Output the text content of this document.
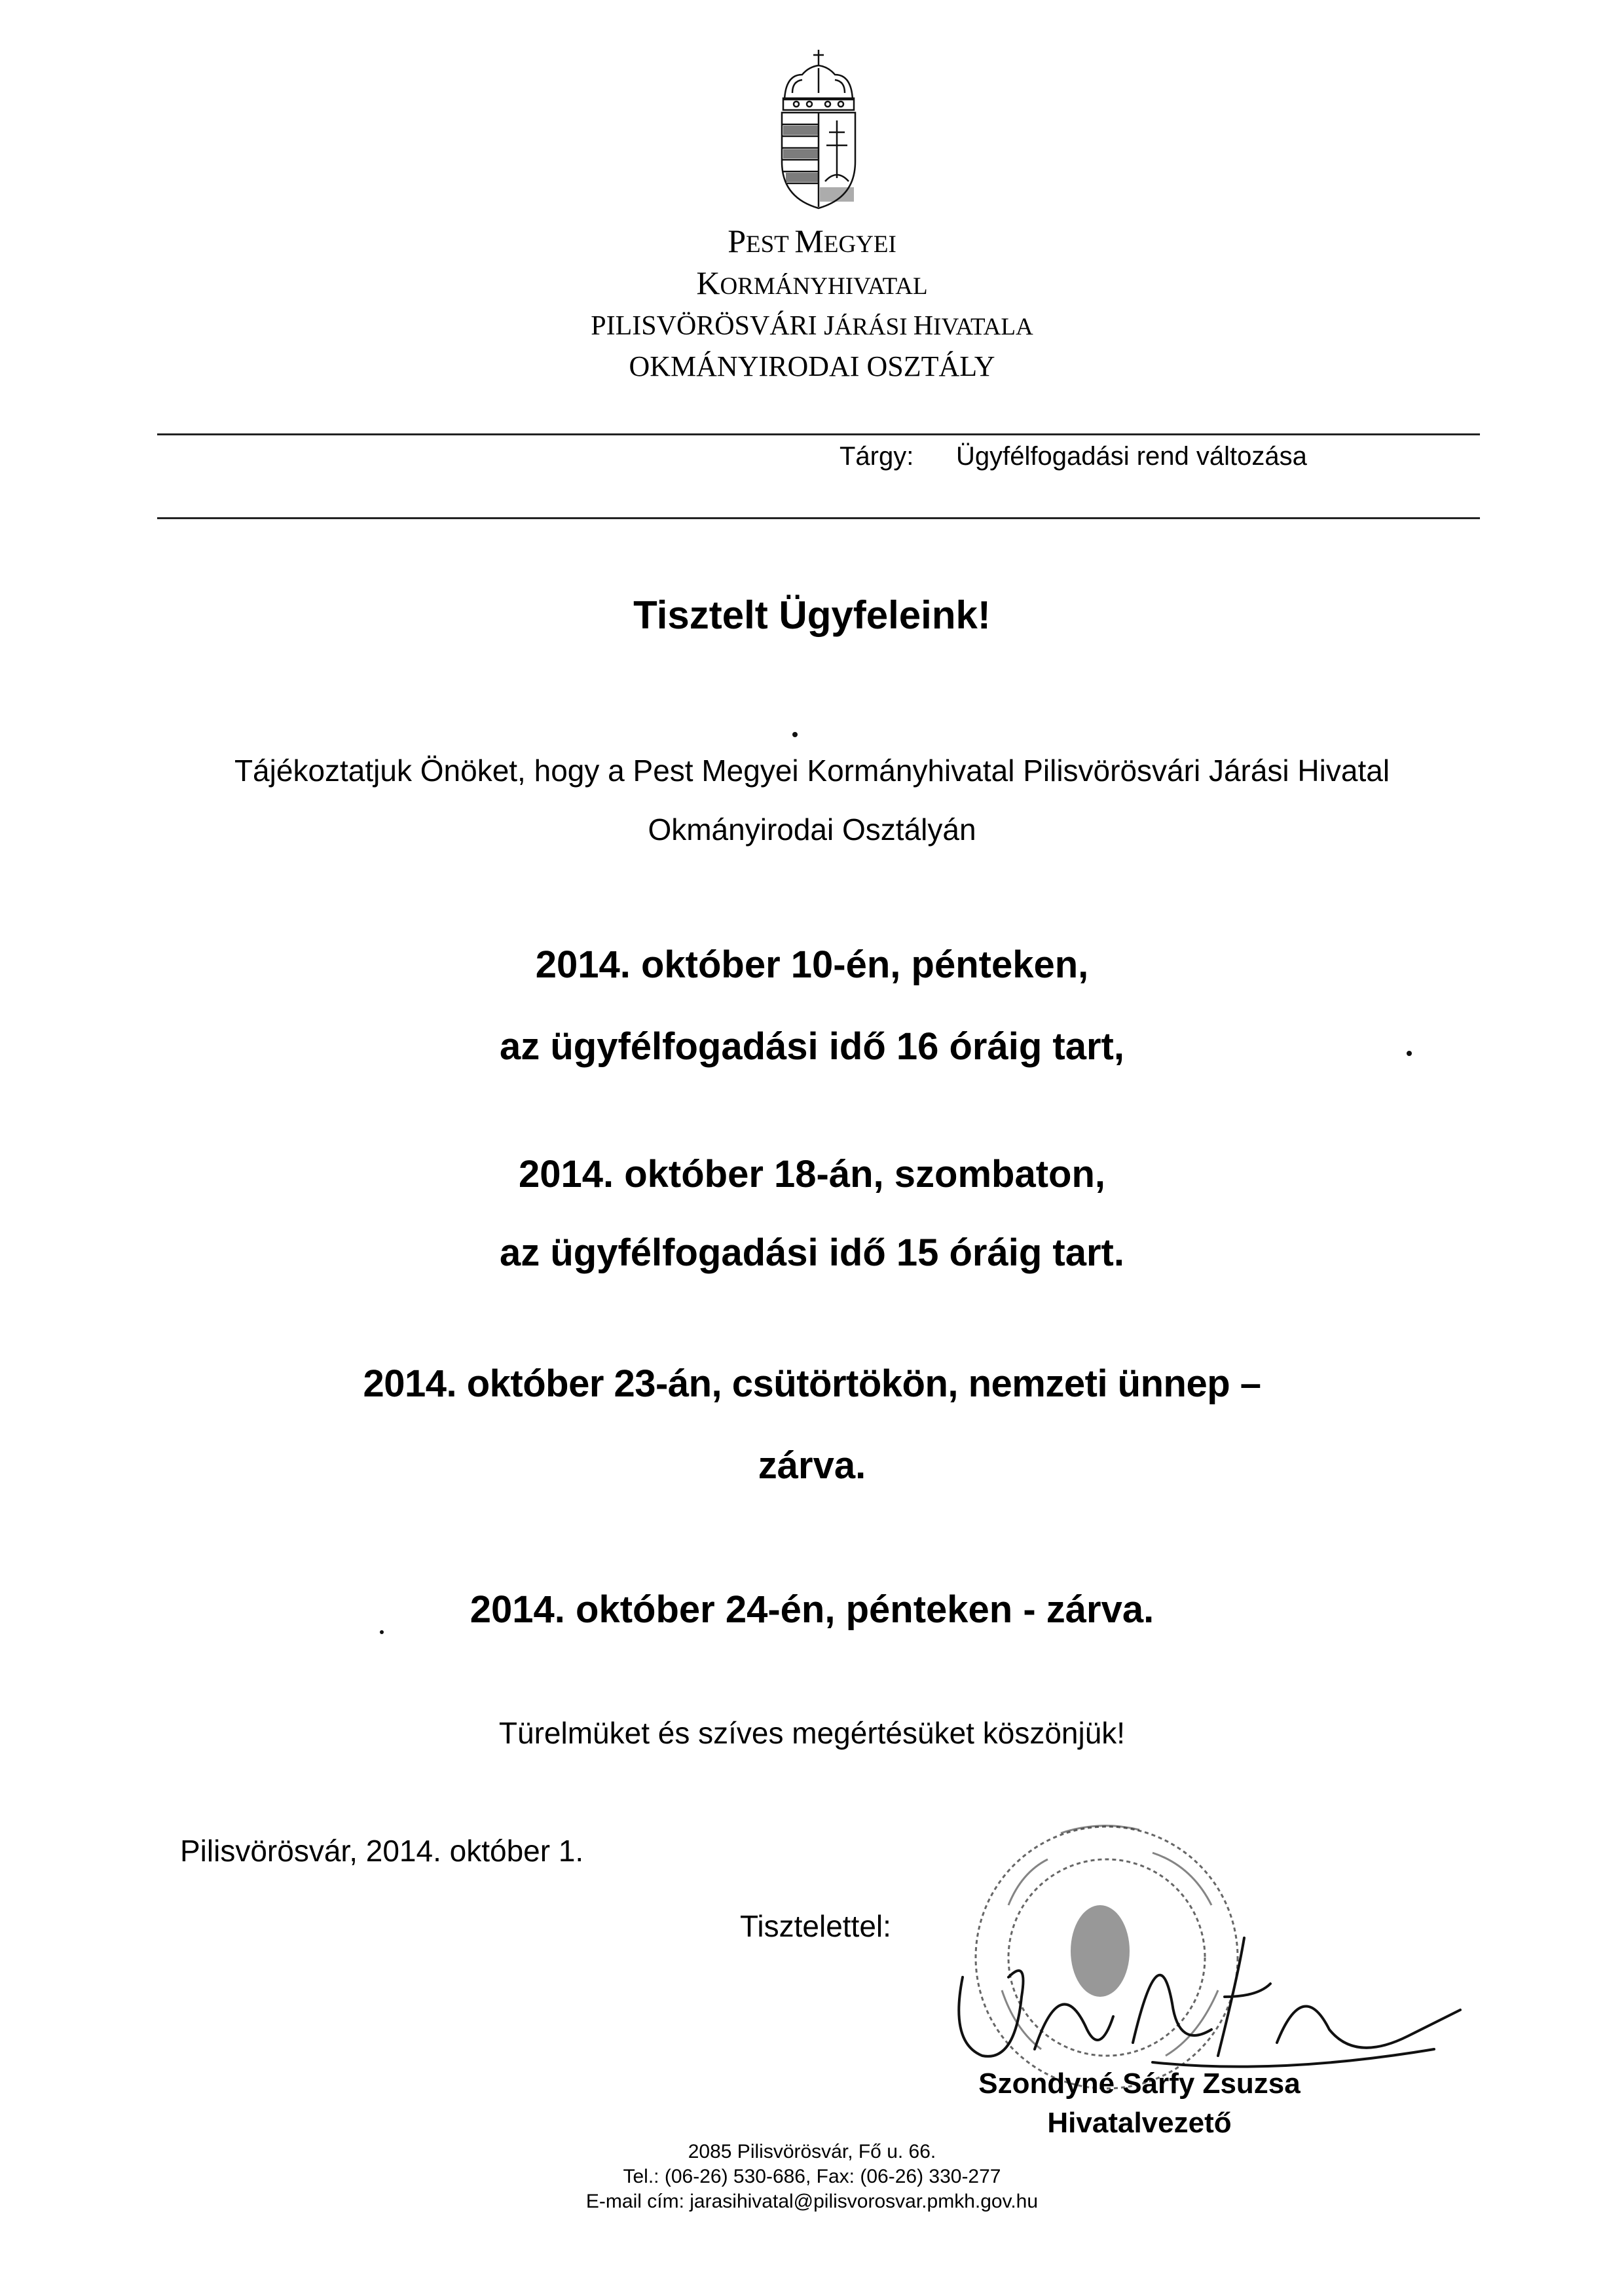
PEST MEGYEI
KORMÁNYHIVATAL
PILISVÖRÖSVÁRI JÁRÁSI HIVATALA
OKMÁNYIRODAI OSZTÁLY
Tárgy: Ügyfélfogadási rend változása
Tisztelt Ügyfeleink!
Tájékoztatjuk Önöket, hogy a Pest Megyei Kormányhivatal Pilisvörösvári Járási Hivatal
Okmányirodai Osztályán
2014. október 10-én, pénteken,
az ügyfélfogadási idő 16 óráig tart,
2014. október 18-án, szombaton,
az ügyfélfogadási idő 15 óráig tart.
2014. október 23-án, csütörtökön, nemzeti ünnep –
zárva.
2014. október 24-én, pénteken - zárva.
Türelmüket és szíves megértésüket köszönjük!
Pilisvörösvár, 2014. október 1.
Tisztelettel:
Szondyné Sárfy Zsuzsa
Hivatalvezető
2085 Pilisvörösvár, Fő u. 66.
Tel.: (06-26) 530-686, Fax: (06-26) 330-277
E-mail cím: jarasihivatal@pilisvorosvar.pmkh.gov.hu
